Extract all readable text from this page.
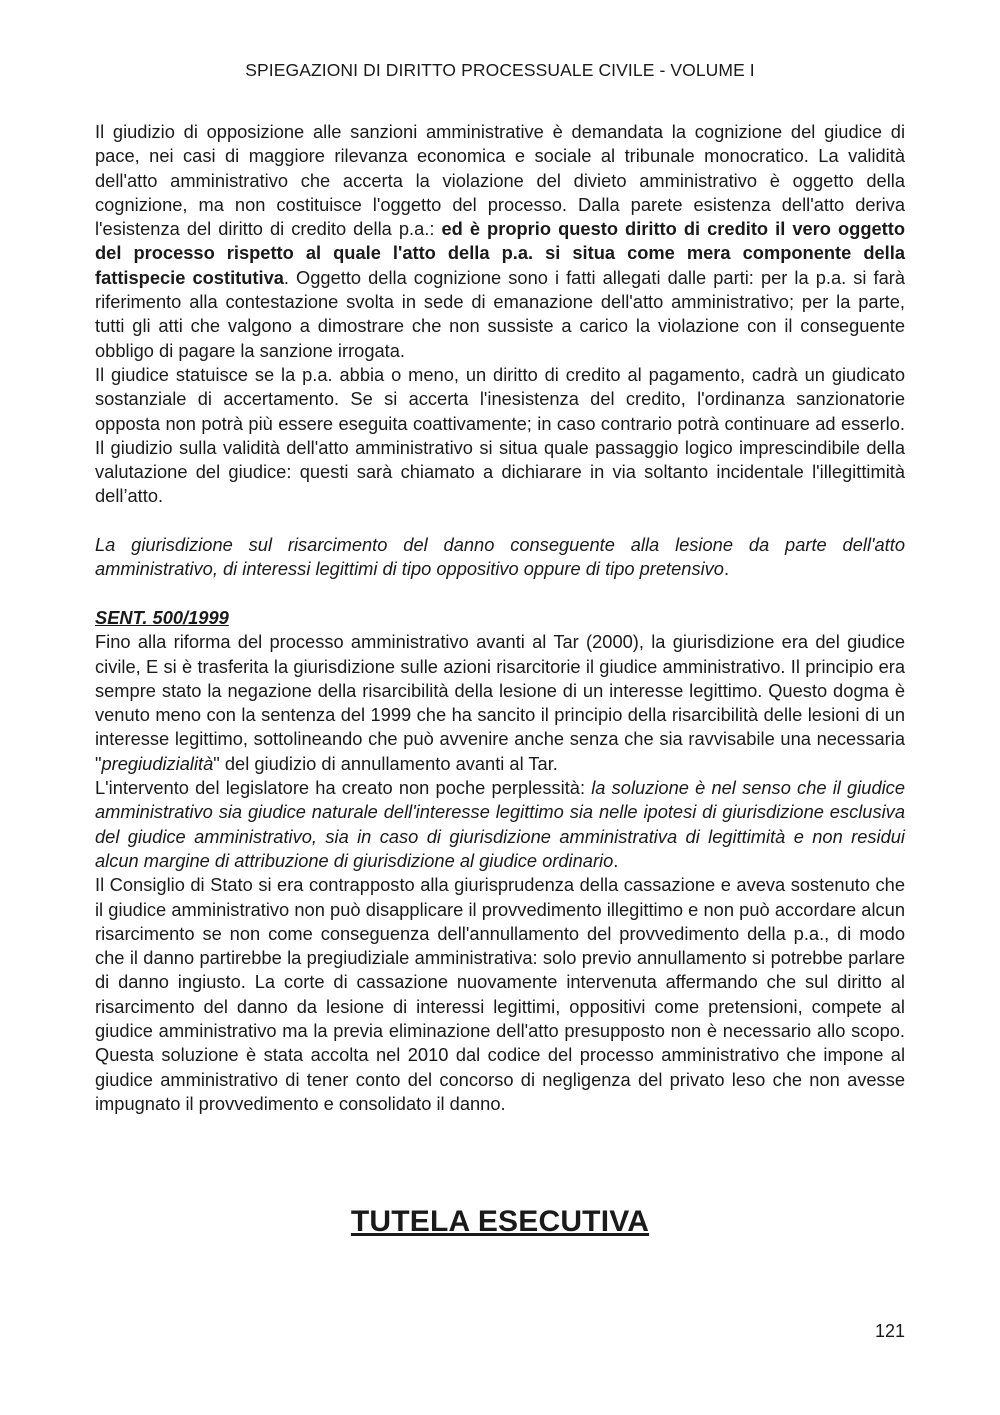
SPIEGAZIONI DI DIRITTO PROCESSUALE CIVILE - VOLUME I

Il giudizio di opposizione alle sanzioni amministrative è demandata la cognizione del giudice di pace, nei casi di maggiore rilevanza economica e sociale al tribunale monocratico. La validità dell'atto amministrativo che accerta la violazione del divieto amministrativo è oggetto della cognizione, ma non costituisce l'oggetto del processo. Dalla parete esistenza dell'atto deriva l'esistenza del diritto di credito della p.a.: ed è proprio questo diritto di credito il vero oggetto del processo rispetto al quale l'atto della p.a. si situa come mera componente della fattispecie costitutiva. Oggetto della cognizione sono i fatti allegati dalle parti: per la p.a. si farà riferimento alla contestazione svolta in sede di emanazione dell'atto amministrativo; per la parte, tutti gli atti che valgono a dimostrare che non sussiste a carico la violazione con il conseguente obbligo di pagare la sanzione irrogata.

Il giudice statuisce se la p.a. abbia o meno, un diritto di credito al pagamento, cadrà un giudicato sostanziale di accertamento. Se si accerta l'inesistenza del credito, l'ordinanza sanzionatorie opposta non potrà più essere eseguita coattivamente; in caso contrario potrà continuare ad esserlo. Il giudizio sulla validità dell'atto amministrativo si situa quale passaggio logico imprescindibile della valutazione del giudice: questi sarà chiamato a dichiarare in via soltanto incidentale l'illegittimità dell’atto.

La giurisdizione sul risarcimento del danno conseguente alla lesione da parte dell'atto amministrativo, di interessi legittimi di tipo oppositivo oppure di tipo pretensivo.

SENT. 500/1999

Fino alla riforma del processo amministrativo avanti al Tar (2000), la giurisdizione era del giudice civile, E si è trasferita la giurisdizione sulle azioni risarcitorie il giudice amministrativo. Il principio era sempre stato la negazione della risarcibilità della lesione di un interesse legittimo. Questo dogma è venuto meno con la sentenza del 1999 che ha sancito il principio della risarcibilità delle lesioni di un interesse legittimo, sottolineando che può avvenire anche senza che sia ravvisabile una necessaria "pregiudizialità" del giudizio di annullamento avanti al Tar.

L'intervento del legislatore ha creato non poche perplessità: la soluzione è nel senso che il giudice amministrativo sia giudice naturale dell'interesse legittimo sia nelle ipotesi di giurisdizione esclusiva del giudice amministrativo, sia in caso di giurisdizione amministrativa di legittimità e non residui alcun margine di attribuzione di giurisdizione al giudice ordinario.

Il Consiglio di Stato si era contrapposto alla giurisprudenza della cassazione e aveva sostenuto che il giudice amministrativo non può disapplicare il provvedimento illegittimo e non può accordare alcun risarcimento se non come conseguenza dell'annullamento del provvedimento della p.a., di modo che il danno partirebbe la pregiudiziale amministrativa: solo previo annullamento si potrebbe parlare di danno ingiusto. La corte di cassazione nuovamente intervenuta affermando che sul diritto al risarcimento del danno da lesione di interessi legittimi, oppositivi come pretensioni, compete al giudice amministrativo ma la previa eliminazione dell'atto presupposto non è necessario allo scopo. Questa soluzione è stata accolta nel 2010 dal codice del processo amministrativo che impone al giudice amministrativo di tener conto del concorso di negligenza del privato leso che non avesse impugnato il provvedimento e consolidato il danno.

TUTELA ESECUTIVA
121
